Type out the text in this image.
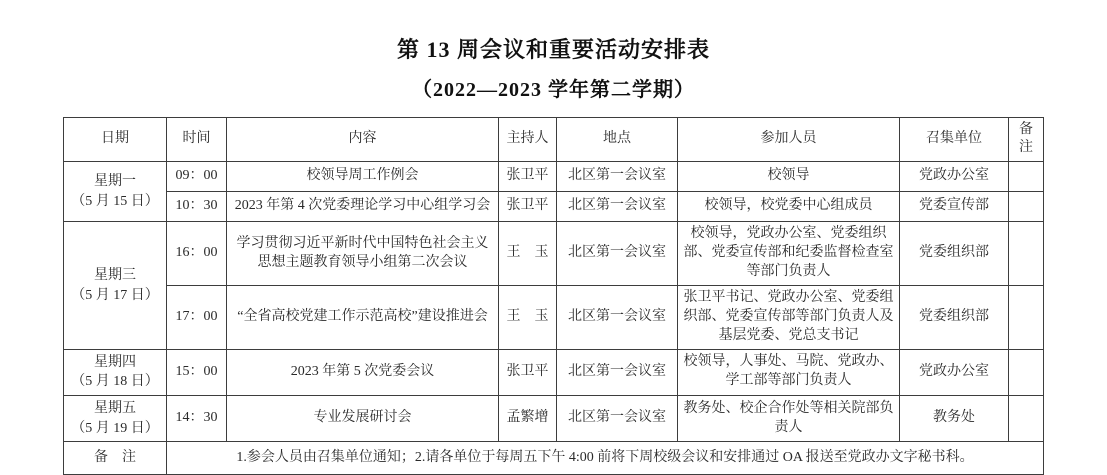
第 13 周会议和重要活动安排表
（2022—2023 学年第二学期）
日期	时间	内容	主持人	地点	参加人员	召集单位	备注

星期一
（5 月 15 日）	09：00	校领导周工作例会	张卫平	北区第一会议室	校领导	党政办公室	
	10：30	2023 年第 4 次党委理论学习中心组学习会	张卫平	北区第一会议室	校领导，校党委中心组成员	党委宣传部	

星期三
（5 月 17 日）	16：00	学习贯彻习近平新时代中国特色社会主义思想主题教育领导小组第二次会议	王　玉	北区第一会议室	校领导，党政办公室、党委组织部、党委宣传部和纪委监督检查室等部门负责人	党委组织部	
	17：00	“全省高校党建工作示范高校”建设推进会	王　玉	北区第一会议室	张卫平书记、党政办公室、党委组织部、党委宣传部等部门负责人及基层党委、党总支书记	党委组织部	

星期四
（5 月 18 日）	15：00	2023 年第 5 次党委会议	张卫平	北区第一会议室	校领导，人事处、马院、党政办、学工部等部门负责人	党政办公室	

星期五
（5 月 19 日）	14：30	专业发展研讨会	孟繁增	北区第一会议室	教务处、校企合作处等相关院部负责人	教务处	
备　注	1.参会人员由召集单位通知；2.请各单位于每周五下午 4:00 前将下周校级会议和安排通过 OA 报送至党政办文字秘书科。						
